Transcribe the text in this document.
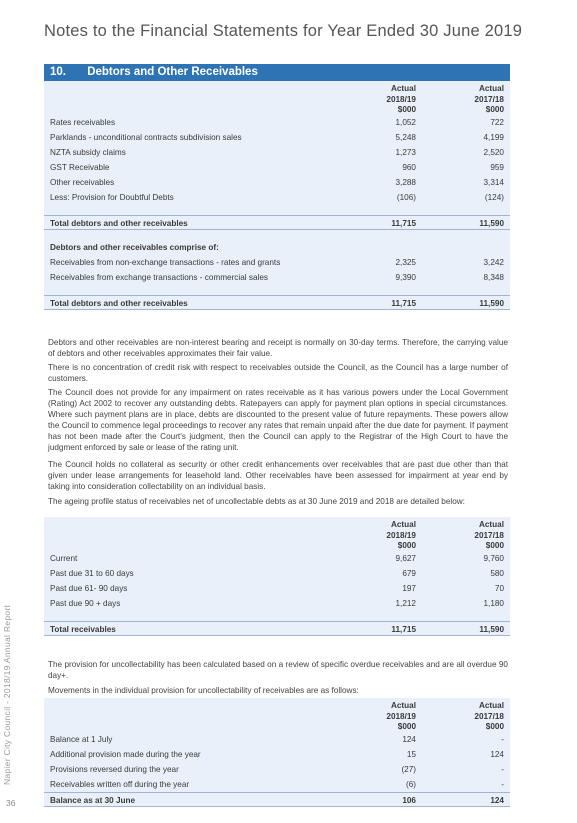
Notes to the Financial Statements for Year Ended 30 June 2019
Napier City Council - 2018/19 Annual Report
36
10. Debtors and Other Receivables
Actual
2018/19
$000
Actual
2017/18
$000
Rates receivables	1,052	722
Parklands - unconditional contracts subdivision sales	5,248	4,199
NZTA subsidy claims	1,273	2,520
GST Receivable	960	959
Other receivables	3,288	3,314
Less: Provision for Doubtful Debts	(106)	(124)
Total debtors and other receivables	11,715	11,590
Debtors and other receivables comprise of:
Receivables from non-exchange transactions - rates and grants	2,325	3,242
Receivables from exchange transactions - commercial sales	9,390	8,348
Total debtors and other receivables	11,715	11,590
Debtors and other receivables are non-interest bearing and receipt is normally on 30-day terms. Therefore, the carrying value of debtors and other receivables approximates their fair value.
There is no concentration of credit risk with respect to receivables outside the Council, as the Council has a large number of customers.
The Council does not provide for any impairment on rates receivable as it has various powers under the Local Government (Rating) Act 2002 to recover any outstanding debts. Ratepayers can apply for payment plan options in special circumstances. Where such payment plans are in place, debts are discounted to the present value of future repayments. These powers allow the Council to commence legal proceedings to recover any rates that remain unpaid after the due date for payment. If payment has not been made after the Court's judgment, then the Council can apply to the Registrar of the High Court to have the judgment enforced by sale or lease of the rating unit.
The Council holds no collateral as security or other credit enhancements over receivables that are past due other than that given under lease arrangements for leasehold land. Other receivables have been assessed for impairment at year end by taking into consideration collectability on an individual basis.
The ageing profile status of receivables net of uncollectable debts as at 30 June 2019 and 2018 are detailed below:
Actual
2018/19
$000
Actual
2017/18
$000
Current	9,627	9,760
Past due 31 to 60 days	679	580
Past due 61- 90 days	197	70
Past due 90 + days	1,212	1,180
Total receivables	11,715	11,590
The provision for uncollectability has been calculated based on a review of specific overdue receivables and are all overdue 90 day+.
Movements in the individual provision for uncollectability of receivables are as follows:
Actual
2018/19
$000
Actual
2017/18
$000
Balance at 1 July	124	-
Additional provision made during the year	15	124
Provisions reversed during the year	(27)	-
Receivables written off during the year	(6)	-
Balance as at 30 June	106	124
